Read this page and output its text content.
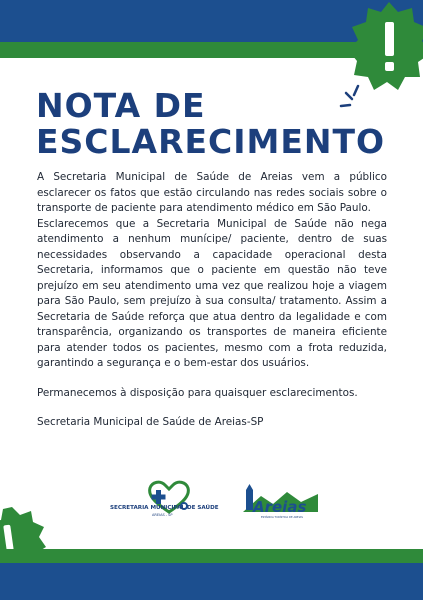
NOTA DE
ESCLARECIMENTO

A Secretaria Municipal de Saúde de Areias vem a público esclarecer os fatos que estão circulando nas redes sociais sobre o transporte de paciente para atendimento médico em São Paulo.

Esclarecemos que a Secretaria Municipal de Saúde não nega atendimento a nenhum munícipe/ paciente, dentro de suas necessidades observando a capacidade operacional desta Secretaria, informamos que o paciente em questão não teve prejuízo em seu atendimento uma vez que realizou hoje a viagem para São Paulo, sem prejuízo à sua consulta/ tratamento. Assim a Secretaria de Saúde reforça que atua dentro da legalidade e com transparência, organizando os transportes de maneira eficiente para atender todos os pacientes, mesmo com a frota reduzida, garantindo a segurança e o bem-estar dos usuários.

Permanecemos à disposição para quaisquer esclarecimentos.

Secretaria Municipal de Saúde de Areias-SP

SECRETARIA MUNICIPAL DE SAÚDE
AREIAS - SP	Areias
ESTÂNCIA TURÍSTICA DE AREIAS
